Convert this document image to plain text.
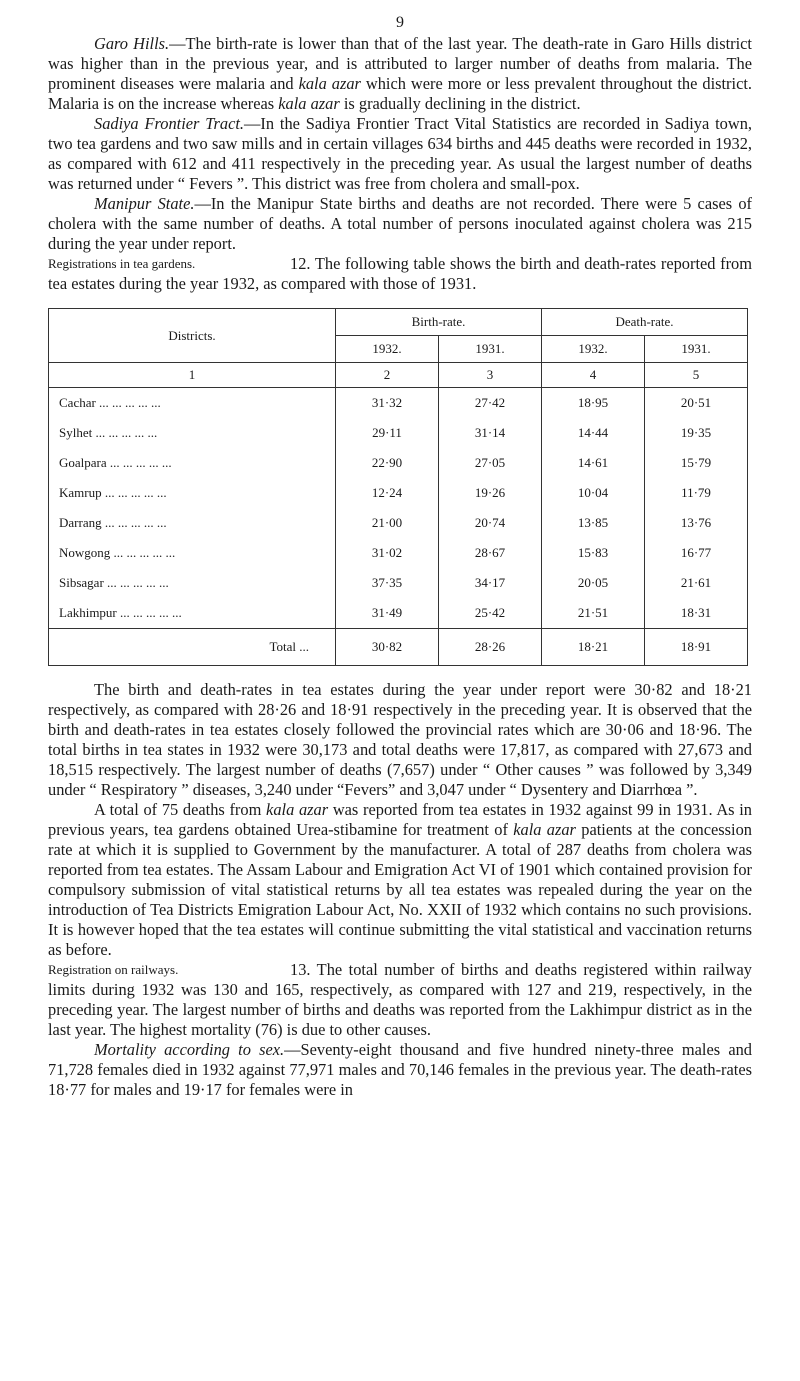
9

Garo Hills.—The birth-rate is lower than that of the last year. The death-rate in Garo Hills district was higher than in the previous year, and is attributed to larger number of deaths from malaria. The prominent diseases were malaria and kala azar which were more or less prevalent throughout the district. Malaria is on the increase whereas kala azar is gradually declining in the district.

Sadiya Frontier Tract.—In the Sadiya Frontier Tract Vital Statistics are recorded in Sadiya town, two tea gardens and two saw mills and in certain villages 634 births and 445 deaths were recorded in 1932, as compared with 612 and 411 respectively in the preceding year. As usual the largest number of deaths was returned under “ Fevers ”. This district was free from cholera and small-pox.

Manipur State.—In the Manipur State births and deaths are not recorded. There were 5 cases of cholera with the same number of deaths. A total number of persons inoculated against cholera was 215 during the year under report.

Registrations in tea gardens.	12. The following table shows the birth and death-rates reported from tea estates during the year 1932, as compared with those of 1931.

Districts.	Birth-rate.		Death-rate.	
	1932.	1931.	1932.	1931.
1	2	3	4	5
Cachar ... ... ... ... ...	31·32	27·42	18·95	20·51
Sylhet ... ... ... ... ...	29·11	31·14	14·44	19·35
Goalpara ... ... ... ... ...	22·90	27·05	14·61	15·79
Kamrup ... ... ... ... ...	12·24	19·26	10·04	11·79
Darrang ... ... ... ... ...	21·00	20·74	13·85	13·76
Nowgong ... ... ... ... ...	31·02	28·67	15·83	16·77
Sibsagar ... ... ... ... ...	37·35	34·17	20·05	21·61
Lakhimpur ... ... ... ... ...	31·49	25·42	21·51	18·31
Total ...	30·82	28·26	18·21	18·91

The birth and death-rates in tea estates during the year under report were 30·82 and 18·21 respectively, as compared with 28·26 and 18·91 respectively in the preceding year. It is observed that the birth and death-rates in tea estates closely followed the provincial rates which are 30·06 and 18·96. The total births in tea states in 1932 were 30,173 and total deaths were 17,817, as compared with 27,673 and 18,515 respectively. The largest number of deaths (7,657) under “ Other causes ” was followed by 3,349 under “ Respiratory ” diseases, 3,240 under “Fevers” and 3,047 under “ Dysentery and Diarrhœa ”.

A total of 75 deaths from kala azar was reported from tea estates in 1932 against 99 in 1931. As in previous years, tea gardens obtained Urea-stibamine for treatment of kala azar patients at the concession rate at which it is supplied to Government by the manufacturer. A total of 287 deaths from cholera was reported from tea estates. The Assam Labour and Emigration Act VI of 1901 which contained provision for compulsory submission of vital statistical returns by all tea estates was repealed during the year on the introduction of Tea Districts Emigration Labour Act, No. XXII of 1932 which contains no such provisions. It is however hoped that the tea estates will continue submitting the vital statistical and vaccination returns as before.

Registration on railways.	13. The total number of births and deaths registered within railway limits during 1932 was 130 and 165, respectively, as compared with 127 and 219, respectively, in the preceding year. The largest number of births and deaths was reported from the Lakhimpur district as in the last year. The highest mortality (76) is due to other causes.

Mortality according to sex.—Seventy-eight thousand and five hundred ninety-three males and 71,728 females died in 1932 against 77,971 males and 70,146 females in the previous year. The death-rates 18·77 for males and 19·17 for females were in
